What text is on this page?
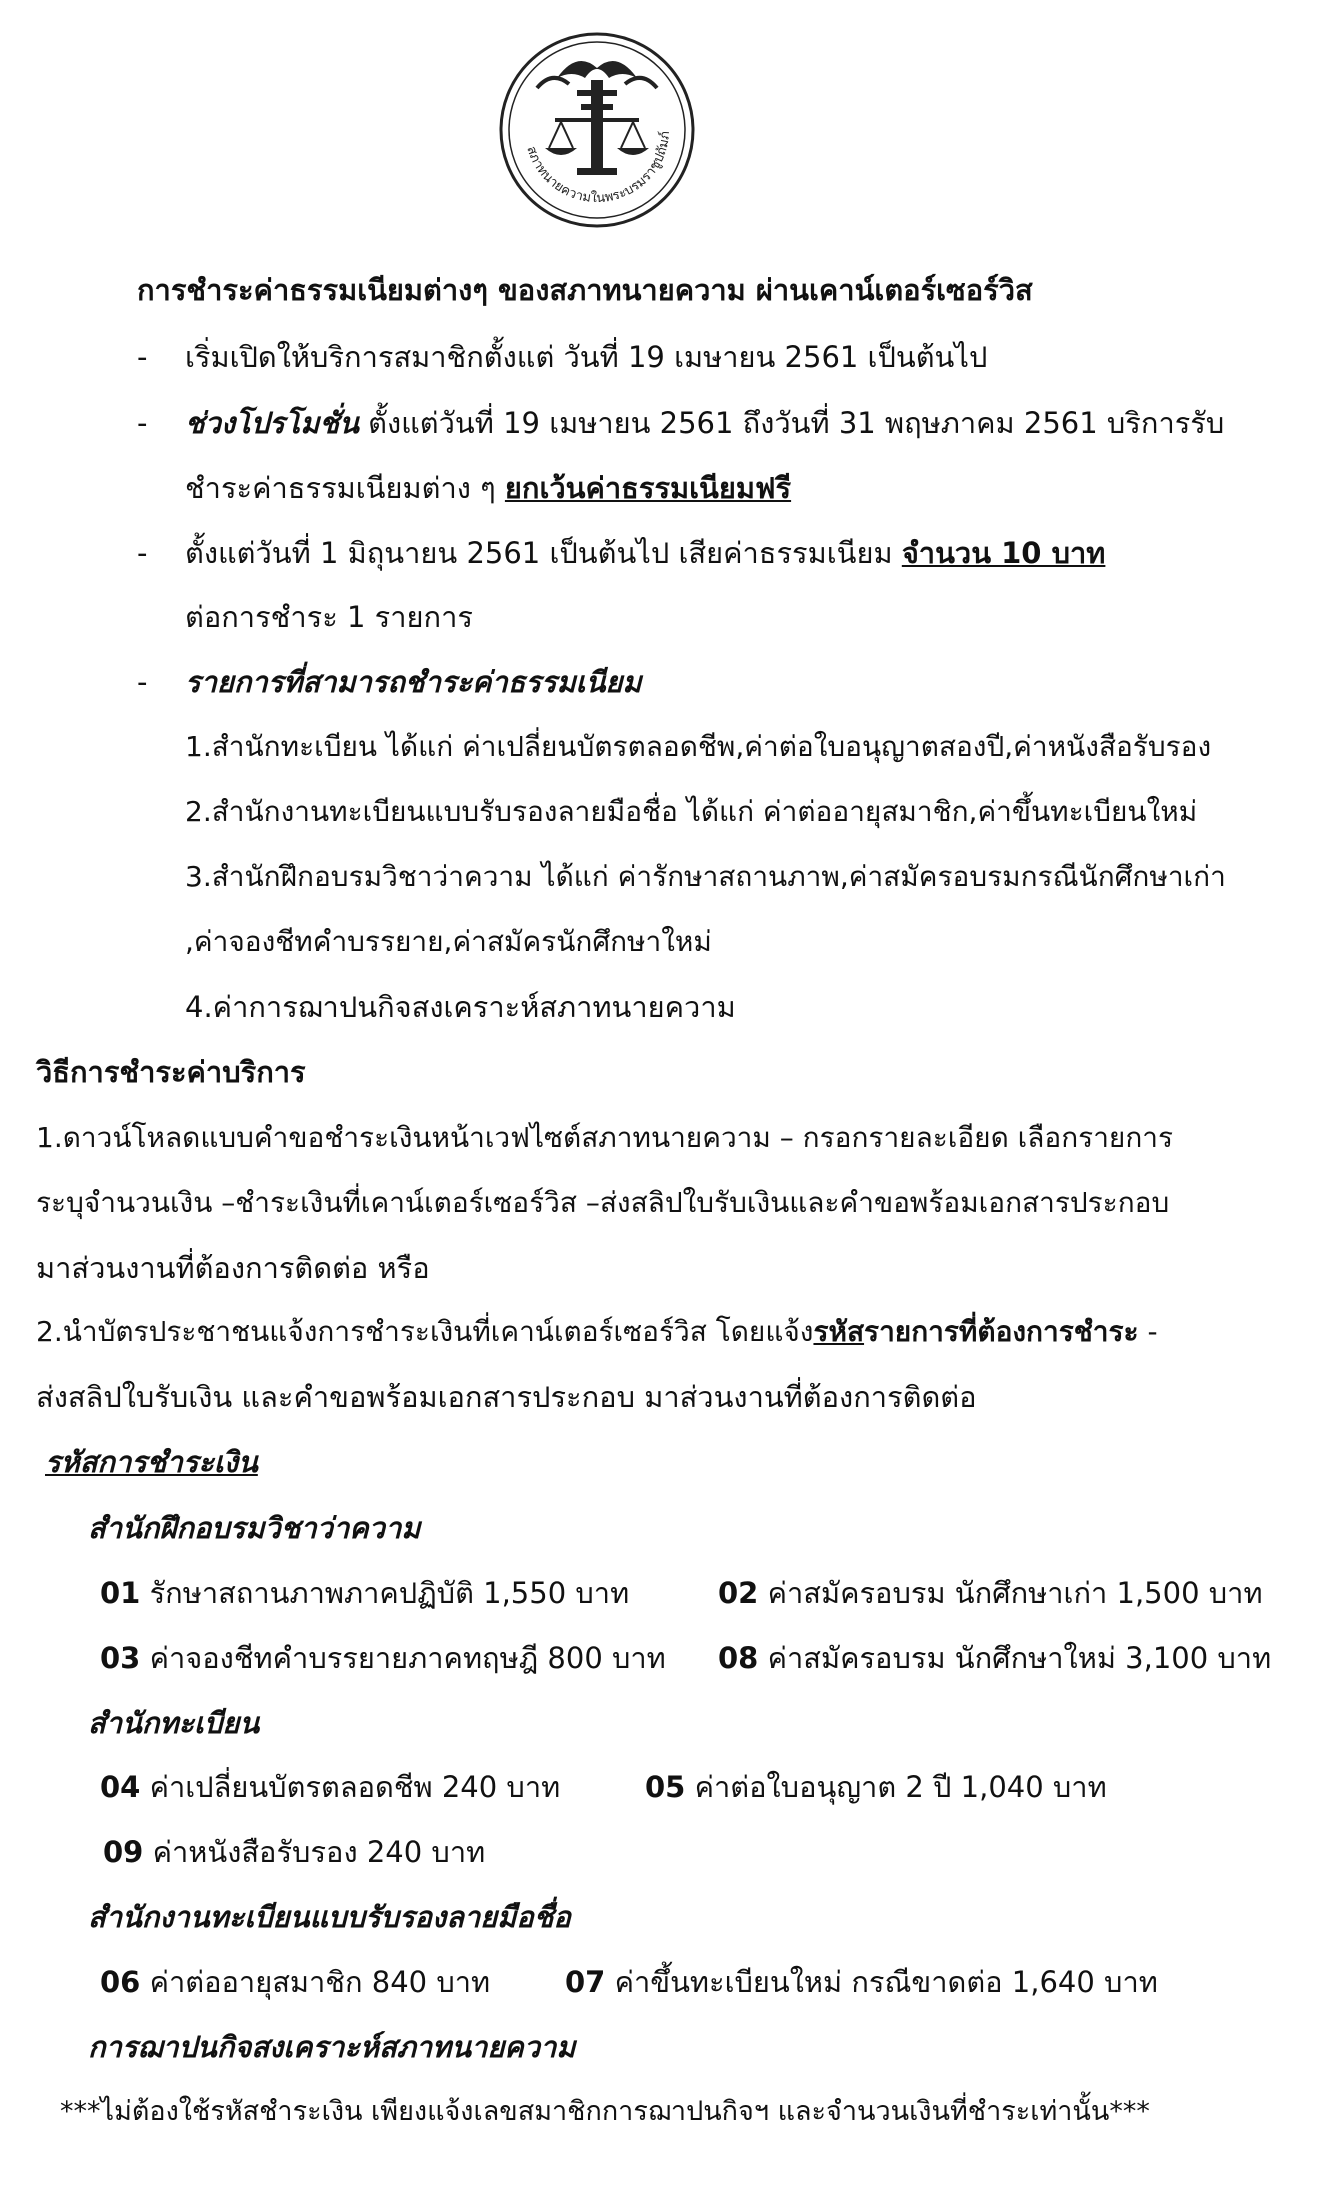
สภาทนายความในพระบรมราชูปถัมภ์
การชำระค่าธรรมเนียมต่างๆ ของสภาทนายความ ผ่านเคาน์เตอร์เซอร์วิส
- เริ่มเปิดให้บริการสมาชิกตั้งแต่ วันที่ 19 เมษายน 2561 เป็นต้นไป
- ช่วงโปรโมชั่น ตั้งแต่วันที่ 19 เมษายน 2561 ถึงวันที่ 31 พฤษภาคม 2561 บริการรับ
ชำระค่าธรรมเนียมต่าง ๆ ยกเว้นค่าธรรมเนียมฟรี
- ตั้งแต่วันที่ 1 มิถุนายน 2561 เป็นต้นไป เสียค่าธรรมเนียม จำนวน 10 บาท
ต่อการชำระ 1 รายการ
- รายการที่สามารถชำระค่าธรรมเนียม
1.สำนักทะเบียน ได้แก่ ค่าเปลี่ยนบัตรตลอดชีพ,ค่าต่อใบอนุญาตสองปี,ค่าหนังสือรับรอง
2.สำนักงานทะเบียนแบบรับรองลายมือชื่อ ได้แก่ ค่าต่ออายุสมาชิก,ค่าขึ้นทะเบียนใหม่
3.สำนักฝึกอบรมวิชาว่าความ ได้แก่ ค่ารักษาสถานภาพ,ค่าสมัครอบรมกรณีนักศึกษาเก่า
,ค่าจองชีทคำบรรยาย,ค่าสมัครนักศึกษาใหม่
4.ค่าการฌาปนกิจสงเคราะห์สภาทนายความ
วิธีการชำระค่าบริการ
1.ดาวน์โหลดแบบคำขอชำระเงินหน้าเวฟไซต์สภาทนายความ – กรอกรายละเอียด เลือกรายการ
ระบุจำนวนเงิน –ชำระเงินที่เคาน์เตอร์เซอร์วิส –ส่งสลิปใบรับเงินและคำขอพร้อมเอกสารประกอบ
มาส่วนงานที่ต้องการติดต่อ หรือ
2.นำบัตรประชาชนแจ้งการชำระเงินที่เคาน์เตอร์เซอร์วิส โดยแจ้งรหัสรายการที่ต้องการชำระ -
ส่งสลิปใบรับเงิน และคำขอพร้อมเอกสารประกอบ มาส่วนงานที่ต้องการติดต่อ
รหัสการชำระเงิน
สำนักฝึกอบรมวิชาว่าความ
01 รักษาสถานภาพภาคปฏิบัติ 1,550 บาท	02 ค่าสมัครอบรม นักศึกษาเก่า 1,500 บาท
03 ค่าจองชีทคำบรรยายภาคทฤษฎี 800 บาท 08 ค่าสมัครอบรม นักศึกษาใหม่ 3,100 บาท
สำนักทะเบียน
04 ค่าเปลี่ยนบัตรตลอดชีพ 240 บาท	05 ค่าต่อใบอนุญาต 2 ปี 1,040 บาท
09 ค่าหนังสือรับรอง 240 บาท
สำนักงานทะเบียนแบบรับรองลายมือชื่อ
06 ค่าต่ออายุสมาชิก 840 บาท	07 ค่าขึ้นทะเบียนใหม่ กรณีขาดต่อ 1,640 บาท
การฌาปนกิจสงเคราะห์สภาทนายความ
***ไม่ต้องใช้รหัสชำระเงิน เพียงแจ้งเลขสมาชิกการฌาปนกิจฯ และจำนวนเงินที่ชำระเท่านั้น***
